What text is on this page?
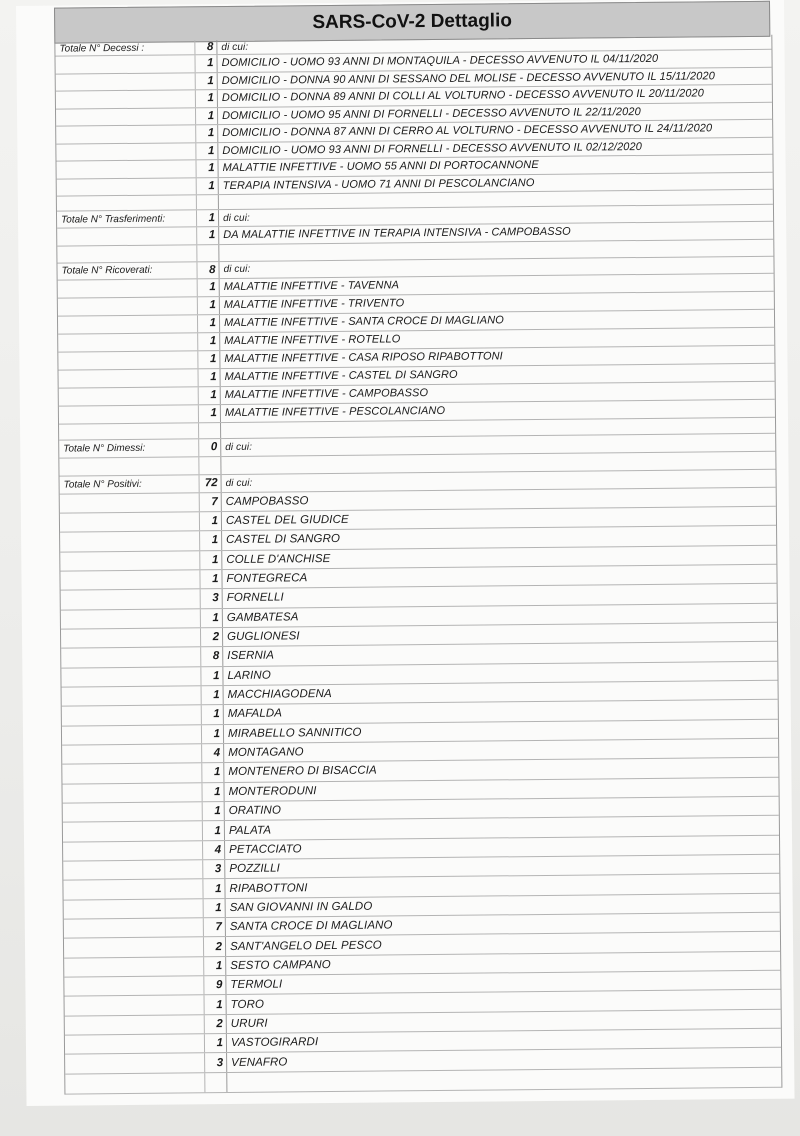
SARS-CoV-2 Dettaglio
Totale N° Decessi :	8 di cui:
1 DOMICILIO - UOMO 93 ANNI DI MONTAQUILA - DECESSO AVVENUTO IL 04/11/2020
1 DOMICILIO - DONNA 90 ANNI DI SESSANO DEL MOLISE - DECESSO AVVENUTO IL 15/11/2020
1 DOMICILIO - DONNA 89 ANNI DI COLLI AL VOLTURNO - DECESSO AVVENUTO IL 20/11/2020
1 DOMICILIO - UOMO 95 ANNI DI FORNELLI - DECESSO AVVENUTO IL 22/11/2020
1 DOMICILIO - DONNA 87 ANNI DI CERRO AL VOLTURNO - DECESSO AVVENUTO IL 24/11/2020
1 DOMICILIO - UOMO 93 ANNI DI FORNELLI - DECESSO AVVENUTO IL 02/12/2020
1 MALATTIE INFETTIVE - UOMO 55 ANNI DI PORTOCANNONE
1 TERAPIA INTENSIVA - UOMO 71 ANNI DI PESCOLANCIANO
Totale N° Trasferimenti:	1 di cui:
1 DA MALATTIE INFETTIVE IN TERAPIA INTENSIVA - CAMPOBASSO
Totale N° Ricoverati:	8 di cui:
1 MALATTIE INFETTIVE - TAVENNA
1 MALATTIE INFETTIVE - TRIVENTO
1 MALATTIE INFETTIVE - SANTA CROCE DI MAGLIANO
1 MALATTIE INFETTIVE - ROTELLO
1 MALATTIE INFETTIVE - CASA RIPOSO RIPABOTTONI
1 MALATTIE INFETTIVE - CASTEL DI SANGRO
1 MALATTIE INFETTIVE - CAMPOBASSO
1 MALATTIE INFETTIVE - PESCOLANCIANO
Totale N° Dimessi:	0 di cui:
Totale N° Positivi:	72 di cui:
7 CAMPOBASSO
1 CASTEL DEL GIUDICE
1 CASTEL DI SANGRO
1 COLLE D'ANCHISE
1 FONTEGRECA
3 FORNELLI
1 GAMBATESA
2 GUGLIONESI
8 ISERNIA
1 LARINO
1 MACCHIAGODENA
1 MAFALDA
1 MIRABELLO SANNITICO
4 MONTAGANO
1 MONTENERO DI BISACCIA
1 MONTERODUNI
1 ORATINO
1 PALATA
4 PETACCIATO
3 POZZILLI
1 RIPABOTTONI
1 SAN GIOVANNI IN GALDO
7 SANTA CROCE DI MAGLIANO
2 SANT'ANGELO DEL PESCO
1 SESTO CAMPANO
9 TERMOLI
1 TORO
2 URURI
1 VASTOGIRARDI
3 VENAFRO
